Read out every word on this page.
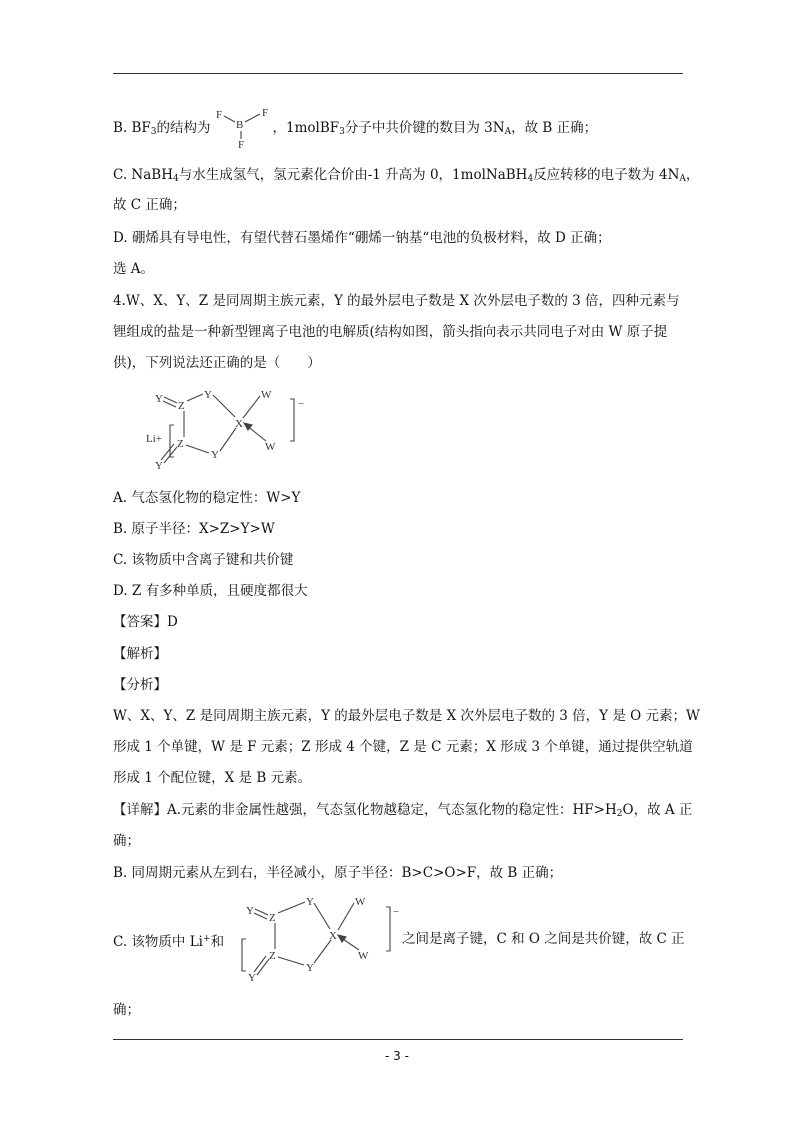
B. $BF_3$的结构为	，1molBF$_3$分子中共价键的数目为 $3N_A$，故 B 正确；
F
B
F
F
C. NaBH$_4$与水生成氢气，氢元素化合价由-1 升高为 0，1molNaBH$_4$反应转移的电子数为 $4N_A$，
故 C 正确；
D. 硼烯具有导电性，有望代替石墨烯作“硼烯一钠基“电池的负极材料，故 D 正确；
选 A。
4.W、X、Y、Z 是同周期主族元素，Y 的最外层电子数是 X 次外层电子数的 3 倍，四种元素与
锂组成的盐是一种新型锂离子电池的电解质(结构如图，箭头指向表示共同电子对由 W 原子提
供)，下列说法还正确的是（　　）
Li+
−
Y
Z
Y
X
W
W
Z
Y
Y
A. 气态氢化物的稳定性：W>Y
B. 原子半径：X>Z>Y>W
C. 该物质中含离子键和共价键
D. Z 有多种单质，且硬度都很大
【答案】D
【解析】
【分析】
W、X、Y、Z 是同周期主族元素，Y 的最外层电子数是 X 次外层电子数的 3 倍，Y 是 O 元素；W
形成 1 个单键，W 是 F 元素；Z 形成 4 个键，Z 是 C 元素；X 形成 3 个单键，通过提供空轨道
形成 1 个配位键，X 是 B 元素。
【详解】A.元素的非金属性越强，气态氢化物越稳定，气态氢化物的稳定性：$HF>H_2O$，故 A 正
确；
B. 同周期元素从左到右，半径减小，原子半径：B>C>O>F，故 B 正确；
C. 该物质中 Li+和	之间是离子键，C 和 O 之间是共价键，故 C 正
−
Y
Z
Y
X
W
W
Z
Y
Y
确；
- 3 -
